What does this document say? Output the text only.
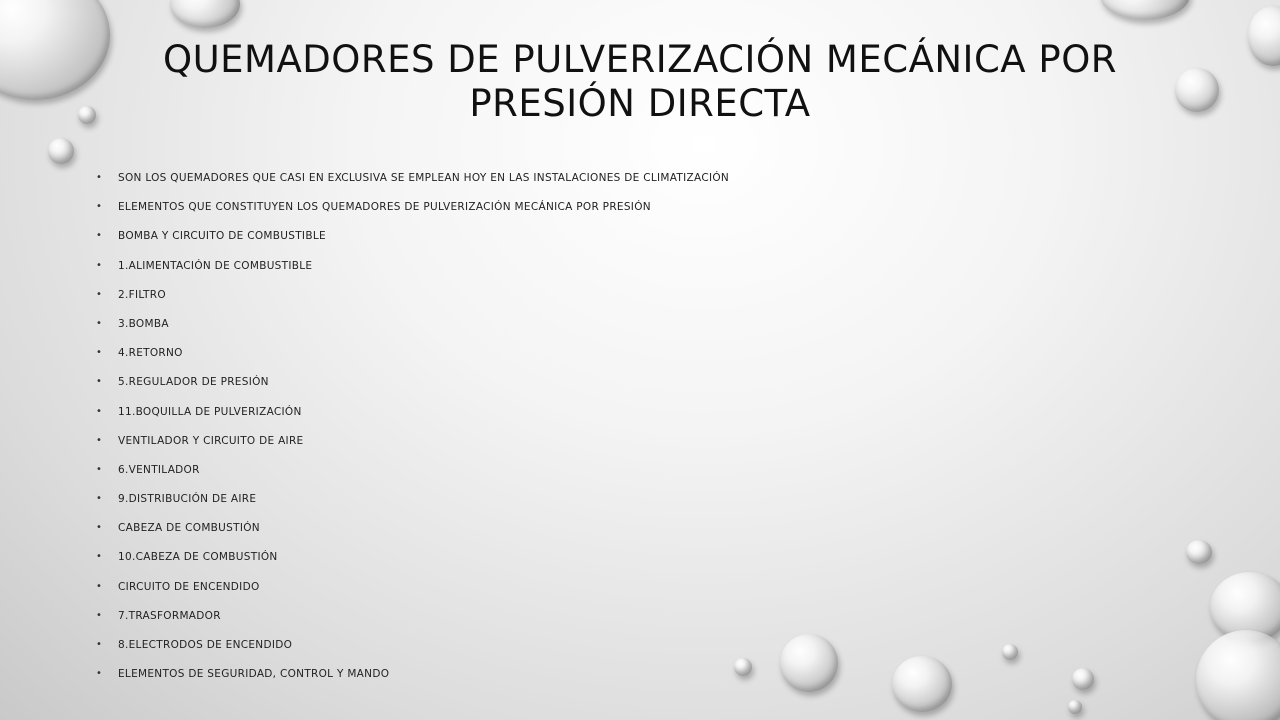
QUEMADORES DE PULVERIZACIÓN MECÁNICA POR PRESIÓN DIRECTA
• SON LOS QUEMADORES QUE CASI EN EXCLUSIVA SE EMPLEAN HOY EN LAS INSTALACIONES DE CLIMATIZACIÓN
• ELEMENTOS QUE CONSTITUYEN LOS QUEMADORES DE PULVERIZACIÓN MECÁNICA POR PRESIÓN
• BOMBA Y CIRCUITO DE COMBUSTIBLE
• 1.ALIMENTACIÓN DE COMBUSTIBLE
• 2.FILTRO
• 3.BOMBA
• 4.RETORNO
• 5.REGULADOR DE PRESIÓN
• 11.BOQUILLA DE PULVERIZACIÓN
• VENTILADOR Y CIRCUITO DE AIRE
• 6.VENTILADOR
• 9.DISTRIBUCIÓN DE AIRE
• CABEZA DE COMBUSTIÓN
• 10.CABEZA DE COMBUSTIÓN
• CIRCUITO DE ENCENDIDO
• 7.TRASFORMADOR
• 8.ELECTRODOS DE ENCENDIDO
• ELEMENTOS DE SEGURIDAD, CONTROL Y MANDO
